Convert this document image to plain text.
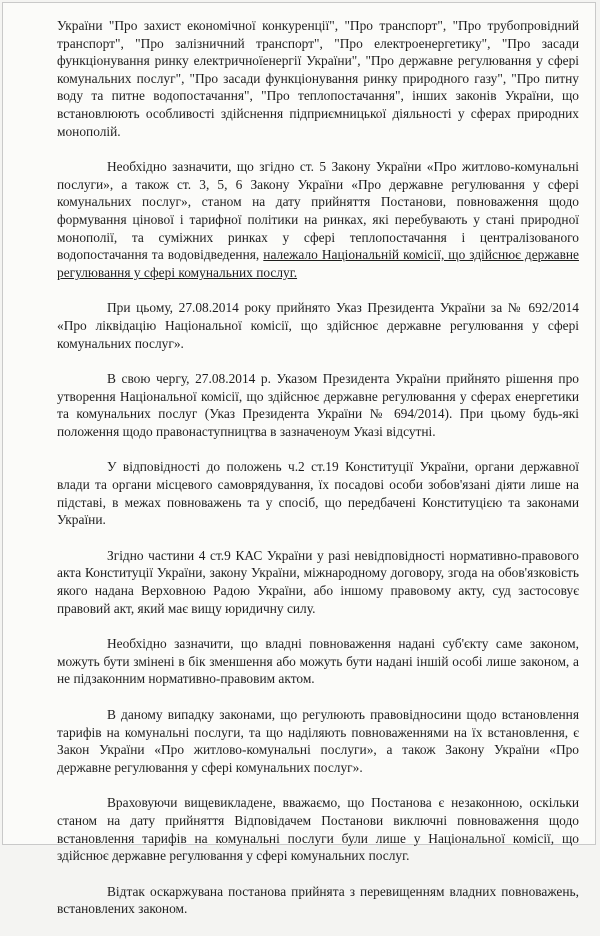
України "Про захист економічної конкуренції", "Про транспорт", "Про трубопровідний транспорт", "Про залізничний транспорт", "Про електроенергетику", "Про засади функціонування ринку електричноїенергії України", "Про державне регулювання у сфері комунальних послуг", "Про засади функціонування ринку природного газу", "Про питну воду та питне водопостачання", "Про теплопостачання", інших законів України, що встановлюють особливості здійснення підприємницької діяльності у сферах природних монополій.

Необхідно зазначити, що згідно ст. 5 Закону України «Про житлово-комунальні послуги», а також ст. 3, 5, 6 Закону України «Про державне регулювання у сфері комунальних послуг», станом на дату прийняття Постанови, повноваження щодо формування цінової і тарифної політики на ринках, які перебувають у стані природної монополії, та суміжних ринках у сфері теплопостачання і централізованого водопостачання та водовідведення, належало Національній комісії, що здійснює державне регулювання у сфері комунальних послуг.

При цьому, 27.08.2014 року прийнято Указ Президента України за № 692/2014 «Про ліквідацію Національної комісії, що здійснює державне регулювання у сфері комунальних послуг».

В свою чергу, 27.08.2014 р. Указом Президента України прийнято рішення про утворення Національної комісії, що здійснює державне регулювання у сферах енергетики та комунальних послуг (Указ Президента України № 694/2014). При цьому будь-які положення щодо правонаступництва в зазначеноум Указі відсутні.

У відповідності до положень ч.2 ст.19 Конституції України, органи державної влади та органи місцевого самоврядування, їх посадові особи зобов'язані діяти лише на підставі, в межах повноважень та у спосіб, що передбачені Конституцією та законами України.

Згідно частини 4 ст.9 КАС України у разі невідповідності нормативно-правового акта Конституції України, закону України, міжнародному договору, згода на обов'язковість якого надана Верховною Радою України, або іншому правовому акту, суд застосовує правовий акт, який має вищу юридичну силу.

Необхідно зазначити, що владні повноваження надані суб'єкту саме законом, можуть бути змінені в бік зменшення або можуть бути надані іншій особі лише законом, а не підзаконним нормативно-правовим актом.

В даному випадку законами, що регулюють правовідносини щодо встановлення тарифів на комунальні послуги, та що наділяють повноваженнями на їх встановлення, є Закон України «Про житлово-комунальні послуги», а також Закону України «Про державне регулювання у сфері комунальних послуг».

Враховуючи вищевикладене, вважаємо, що Постанова є незаконною, оскільки станом на дату прийняття Відповідачем Постанови виключні повноваження щодо встановлення тарифів на комунальні послуги були лише у Національної комісії, що здійснює державне регулювання у сфері комунальних послуг.

Відтак оскаржувана постанова прийнята з перевищенням владних повноважень, встановлених законом.
